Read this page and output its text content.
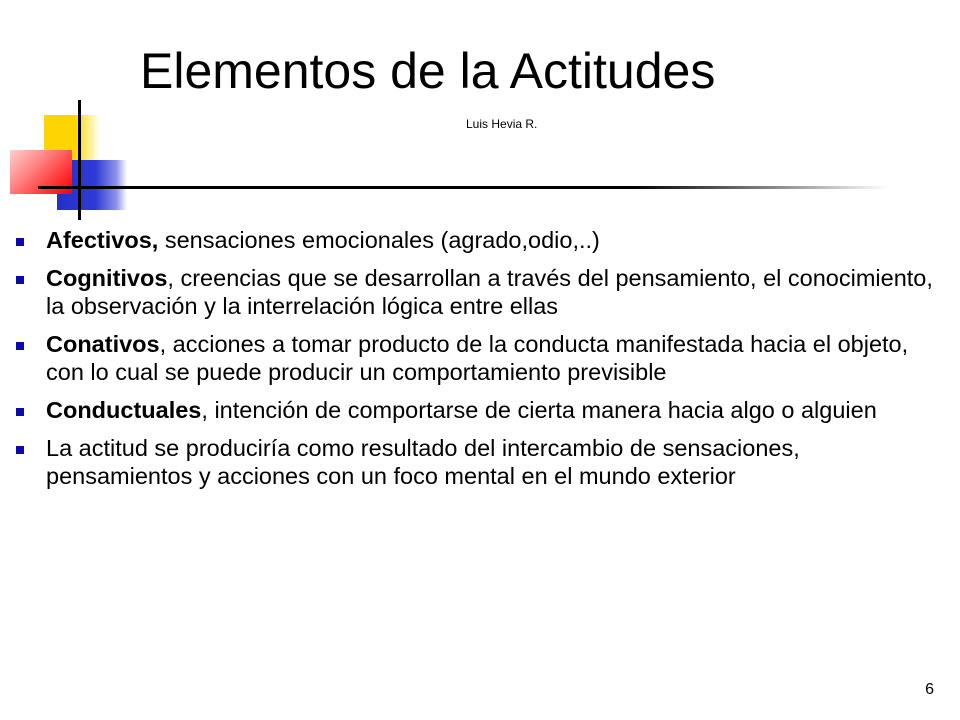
Elementos de la Actitudes

Luis Hevia R.

Afectivos, sensaciones emocionales (agrado,odio,..)
Cognitivos, creencias que se desarrollan a través del pensamiento, el conocimiento, la observación y la interrelación lógica entre ellas
Conativos, acciones a tomar producto de la conducta manifestada hacia el objeto, con lo cual se puede producir un comportamiento previsible
Conductuales, intención de comportarse de cierta manera hacia algo o alguien
La actitud se produciría como resultado del intercambio de sensaciones, pensamientos y acciones con un foco mental en el mundo exterior
6
